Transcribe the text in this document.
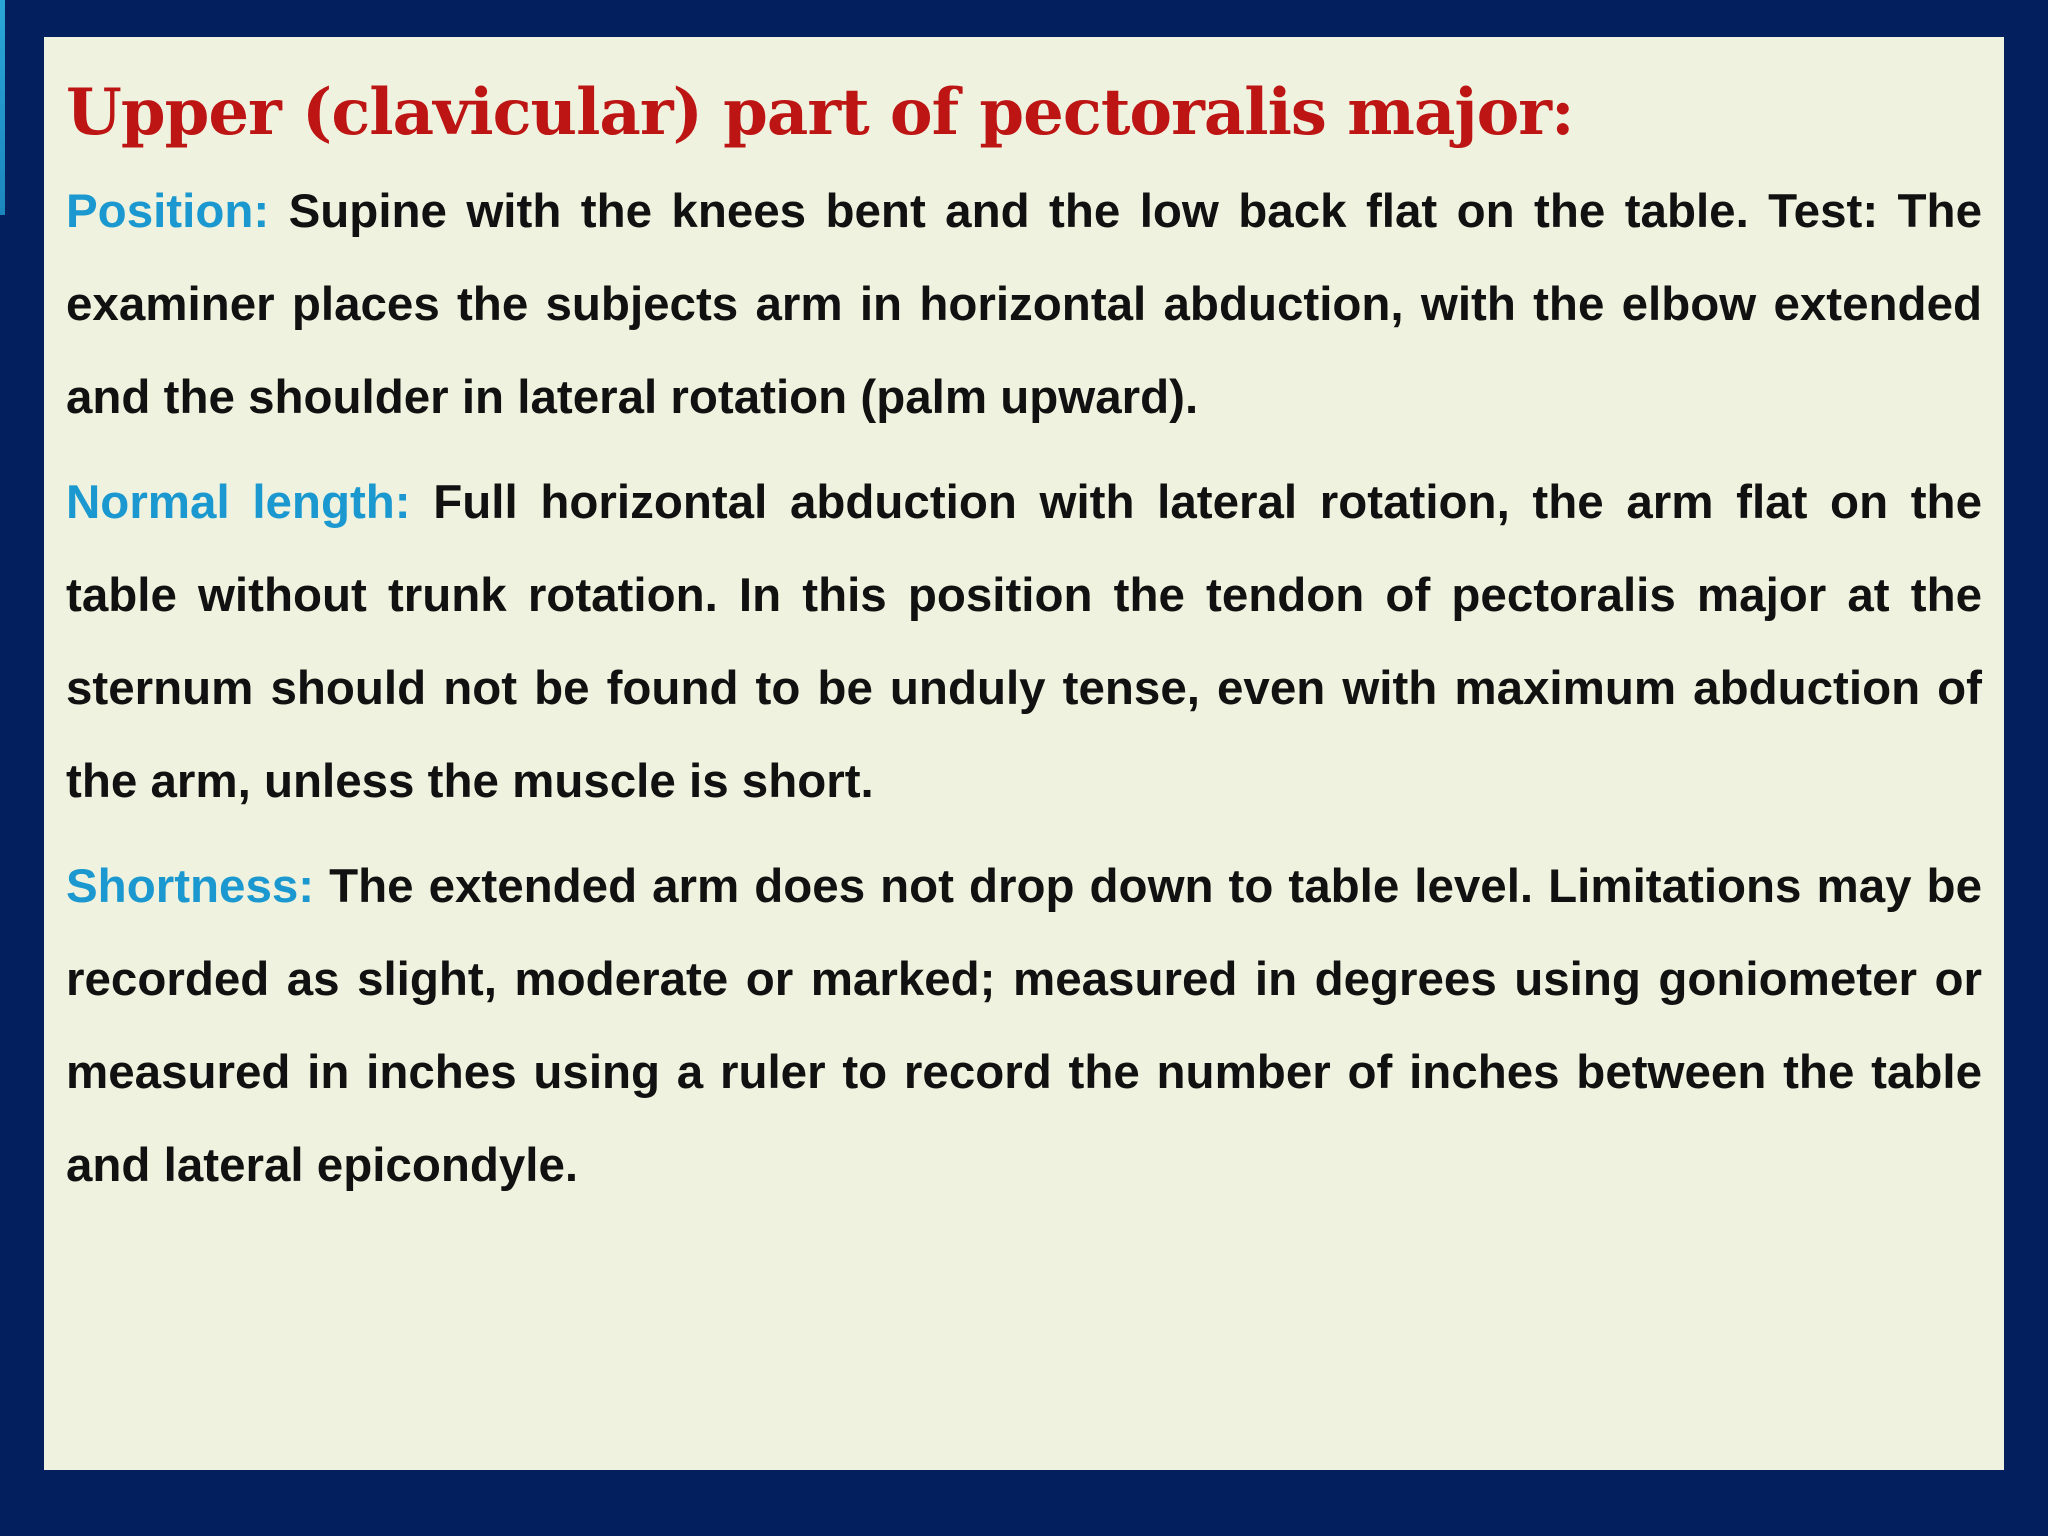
Upper (clavicular) part of pectoralis major:

Position: Supine with the knees bent and the low back flat on the table. Test: The examiner places the subjects arm in horizontal abduction, with the elbow extended and the shoulder in lateral rotation (palm upward).

Normal length: Full horizontal abduction with lateral rotation, the arm flat on the table without trunk rotation. In this position the tendon of pectoralis major at the sternum should not be found to be unduly tense, even with maximum abduction of the arm, unless the muscle is short.

Shortness: The extended arm does not drop down to table level. Limitations may be recorded as slight, moderate or marked; measured in degrees using goniometer or measured in inches using a ruler to record the number of inches between the table and lateral epicondyle.
